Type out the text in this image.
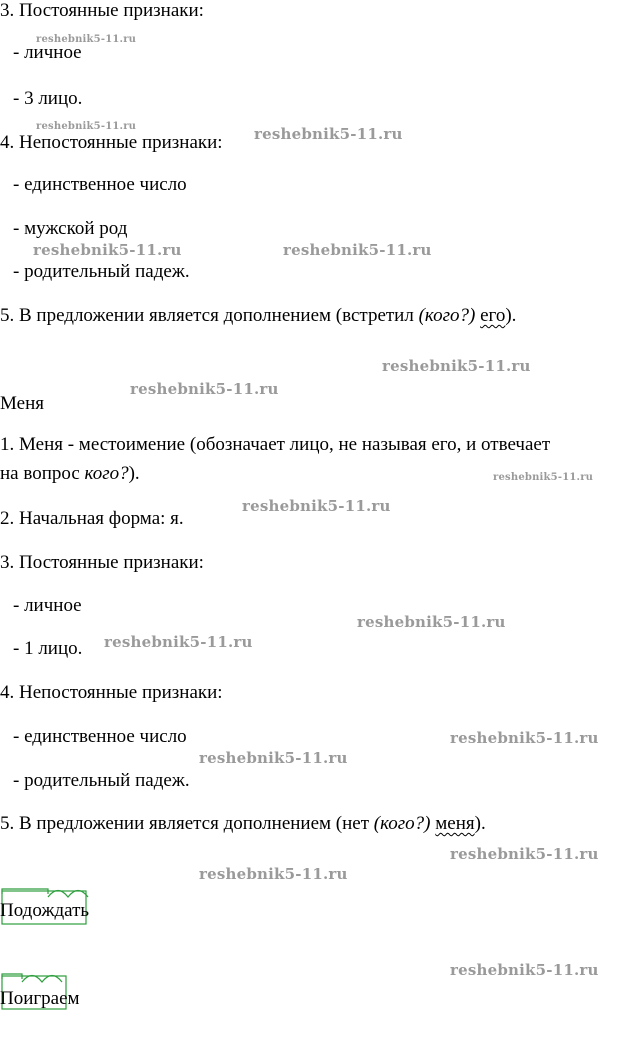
3. Постоянные признаки:
- личное
- 3 лицо.
4. Непостоянные признаки:
- единственное число
- мужской род
- родительный падеж.
5. В предложении является дополнением (встретил (кого?) его).
Меня
1. Меня - местоимение (обозначает лицо, не называя его, и отвечает
на вопрос кого?).
2. Начальная форма: я.
3. Постоянные признаки:
- личное
- 1 лицо.
4. Непостоянные признаки:
- единственное число
- родительный падеж.
5. В предложении является дополнением (нет (кого?) меня).
Подождать
Поиграем
reshebnik5-11.ru
reshebnik5-11.ru	reshebnik5-11.ru
reshebnik5-11.ru	reshebnik5-11.ru
reshebnik5-11.ru
reshebnik5-11.ru
reshebnik5-11.ru
reshebnik5-11.ru
reshebnik5-11.ru
reshebnik5-11.ru
reshebnik5-11.ru
reshebnik5-11.ru
reshebnik5-11.ru
reshebnik5-11.ru
reshebnik5-11.ru
